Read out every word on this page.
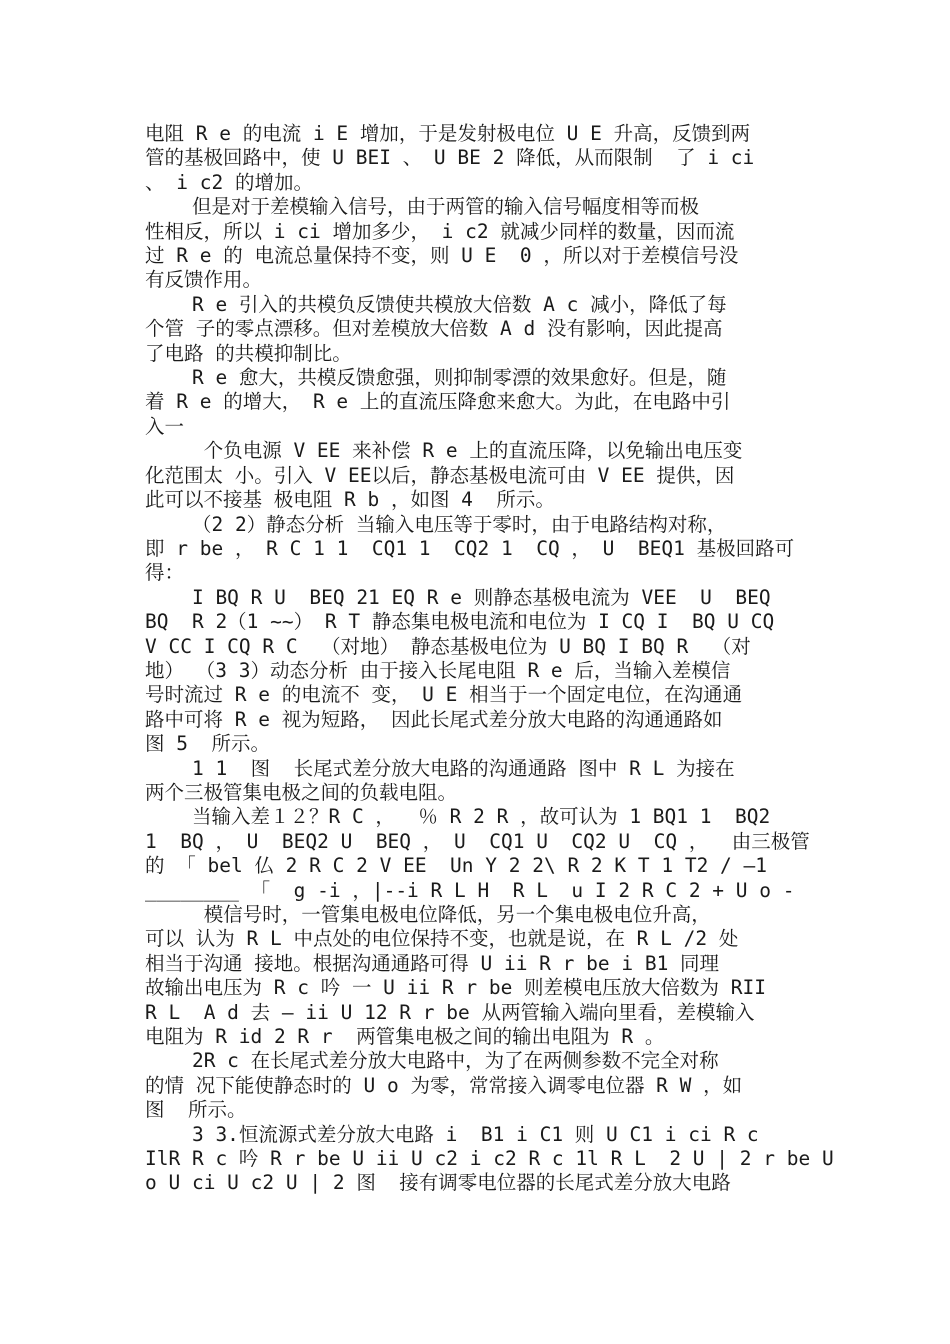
电阻 R e 的电流 i E 增加，于是发射极电位 U E 升高，反馈到两
管的基极回路中，使 U BEI 、 U BE 2 降低，从而限制  了 i ci
、 i c2 的增加。
但是对于差模输入信号，由于两管的输入信号幅度相等而极
性相反，所以 i ci 增加多少， i c2 就减少同样的数量，因而流
过 R e 的 电流总量保持不变，则 U E  0 ，所以对于差模信号没
有反馈作用。
R e 引入的共模负反馈使共模放大倍数 A c 减小，降低了每
个管 子的零点漂移。但对差模放大倍数 A d 没有影响，因此提高
了电路 的共模抑制比。
R e 愈大，共模反馈愈强，则抑制零漂的效果愈好。但是，随
着 R e 的增大， R e 上的直流压降愈来愈大。为此，在电路中引
入一
个负电源 V EE 来补偿 R e 上的直流压降，以免输出电压变
化范围太 小。引入 V EE以后，静态基极电流可由 V EE 提供，因
此可以不接基 极电阻 R b ，如图 4  所示。
（2 2）静态分析 当输入电压等于零时，由于电路结构对称，
即 r be ， R C 1 1  CQ1 1  CQ2 1  CQ ， U  BEQ1 基极回路可
得：
I BQ R U  BEQ 21 EQ R e 则静态基极电流为 VEE  U  BEQ
BQ  R 2（1 ~~） R T 静态集电极电流和电位为 I CQ I  BQ U CQ
V CC I CQ R C  （对地） 静态基极电位为 U BQ I BQ R  （对
地） （3 3）动态分析 由于接入长尾电阻 R e 后，当输入差模信
号时流过 R e 的电流不 变， U E 相当于一个固定电位，在沟通通
路中可将 R e 视为短路， 因此长尾式差分放大电路的沟通通路如
图 5  所示。
1 1  图  长尾式差分放大电路的沟通通路 图中 R L 为接在
两个三极管集电极之间的负载电阻。
当输入差１２？R C ，  ％ R 2 R ，故可认为 1 BQ1 1  BQ2
1  BQ ， U  BEQ2 U  BEQ ， U  CQ1 U  CQ2 U  CQ ，  由三极管
的 「 bel 仏 2 R C 2 V EE  Un Y 2 2\ R 2 K T 1 T2 / —1
________ 「  g -i ，|--i R L H  R L  u I 2 R C 2 + U o -
模信号时，一管集电极电位降低，另一个集电极电位升高，
可以 认为 R L 中点处的电位保持不变，也就是说，在 R L /2 处
相当于沟通 接地。根据沟通通路可得 U ii R r be i B1 同理
故输出电压为 R c 吟 一 U ii R r be 则差模电压放大倍数为 RII
R L  A d 去 — ii U 12 R r be 从两管输入端向里看，差模输入
电阻为 R id 2 R r  两管集电极之间的输出电阻为 R 。
2R c 在长尾式差分放大电路中，为了在两侧参数不完全对称
的情 况下能使静态时的 U o 为零，常常接入调零电位器 R W ，如
图  所示。
3 3.恒流源式差分放大电路 i  B1 i C1 则 U C1 i ci R c
IlR R c 吟 R r be U ii U c2 i c2 R c 1l R L  2 U | 2 r be U
o U ci U c2 U | 2 图  接有调零电位器的长尾式差分放大电路
